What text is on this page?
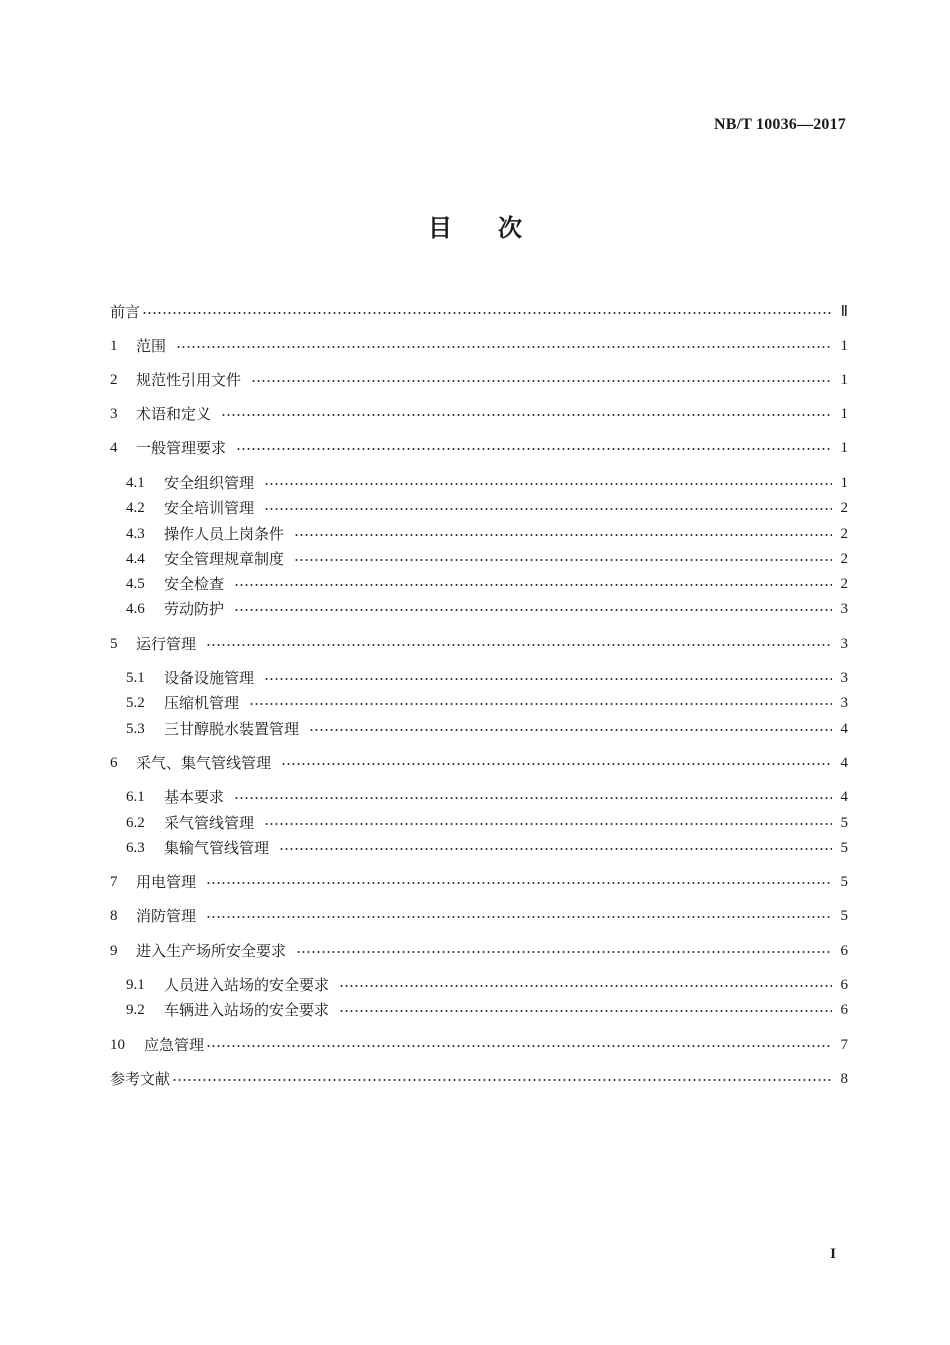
NB/T 10036—2017
目次
前言	Ⅱ
1	范围	1
2	规范性引用文件	1
3	术语和定义	1
4	一般管理要求	1
4.1	安全组织管理	1
4.2	安全培训管理	2
4.3	操作人员上岗条件	2
4.4	安全管理规章制度	2
4.5	安全检查	2
4.6	劳动防护	3
5	运行管理	3
5.1	设备设施管理	3
5.2	压缩机管理	3
5.3	三甘醇脱水装置管理	4
6	采气、集气管线管理	4
6.1	基本要求	4
6.2	采气管线管理	5
6.3	集输气管线管理	5
7	用电管理	5
8	消防管理	5
9	进入生产场所安全要求	6
9.1	人员进入站场的安全要求	6
9.2	车辆进入站场的安全要求	6
10	应急管理	7
参考文献	8
I
